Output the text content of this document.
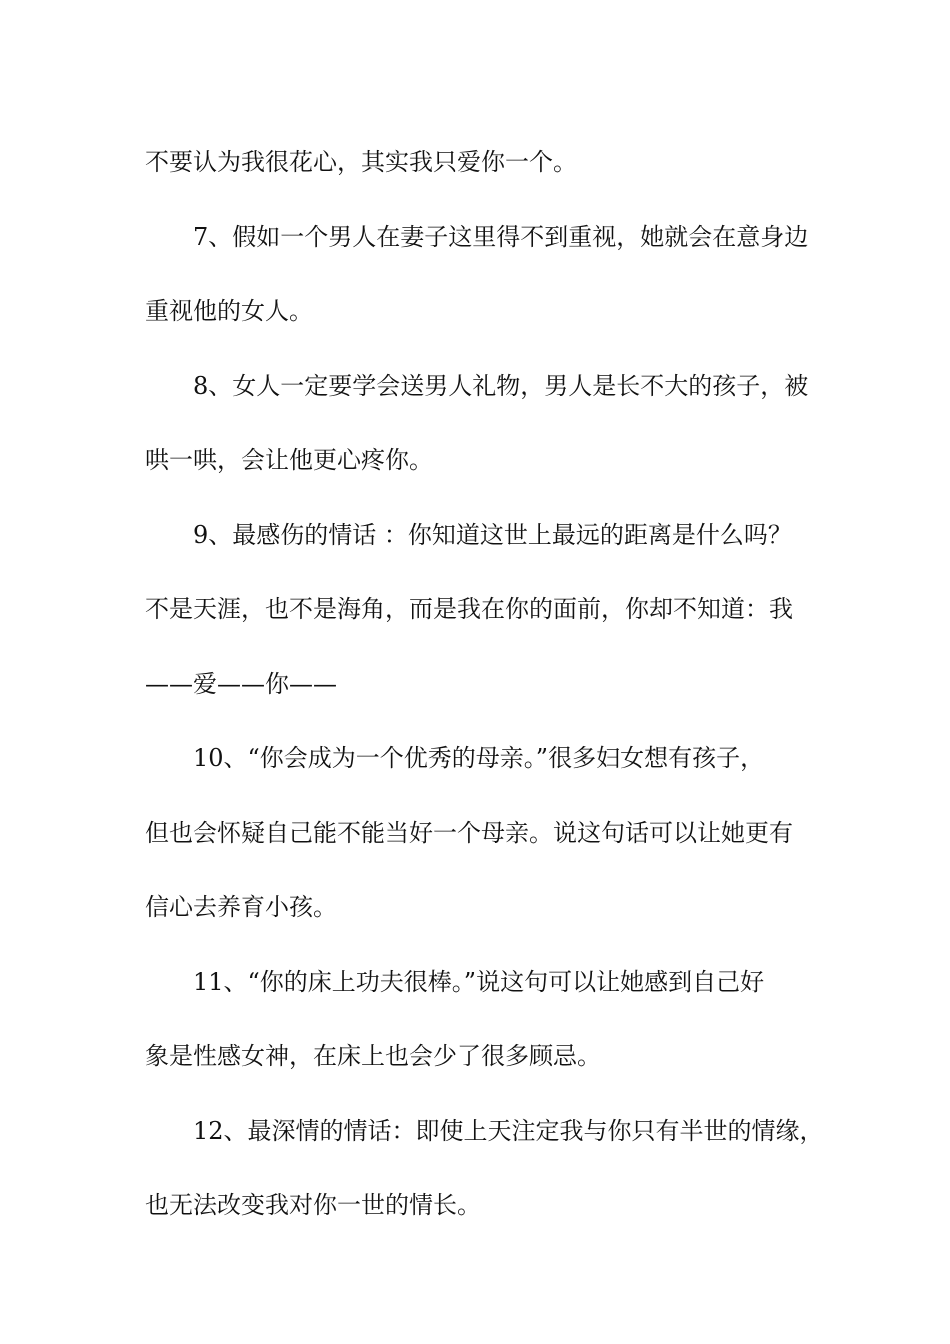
不要认为我很花心，其实我只爱你一个。
7、假如一个男人在妻子这里得不到重视，她就会在意身边
重视他的女人。
8、女人一定要学会送男人礼物，男人是长不大的孩子，被
哄一哄，会让他更心疼你。
9、最感伤的情话 ：你知道这世上最远的距离是什么吗？
不是天涯，也不是海角，而是我在你的面前，你却不知道：我
——爱——你——
10、“你会成为一个优秀的母亲。”很多妇女想有孩子，
但也会怀疑自己能不能当好一个母亲。说这句话可以让她更有
信心去养育小孩。
11、“你的床上功夫很棒。”说这句可以让她感到自己好
象是性感女神，在床上也会少了很多顾忌。
12、最深情的情话：即使上天注定我与你只有半世的情缘，
也无法改变我对你一世的情长。
